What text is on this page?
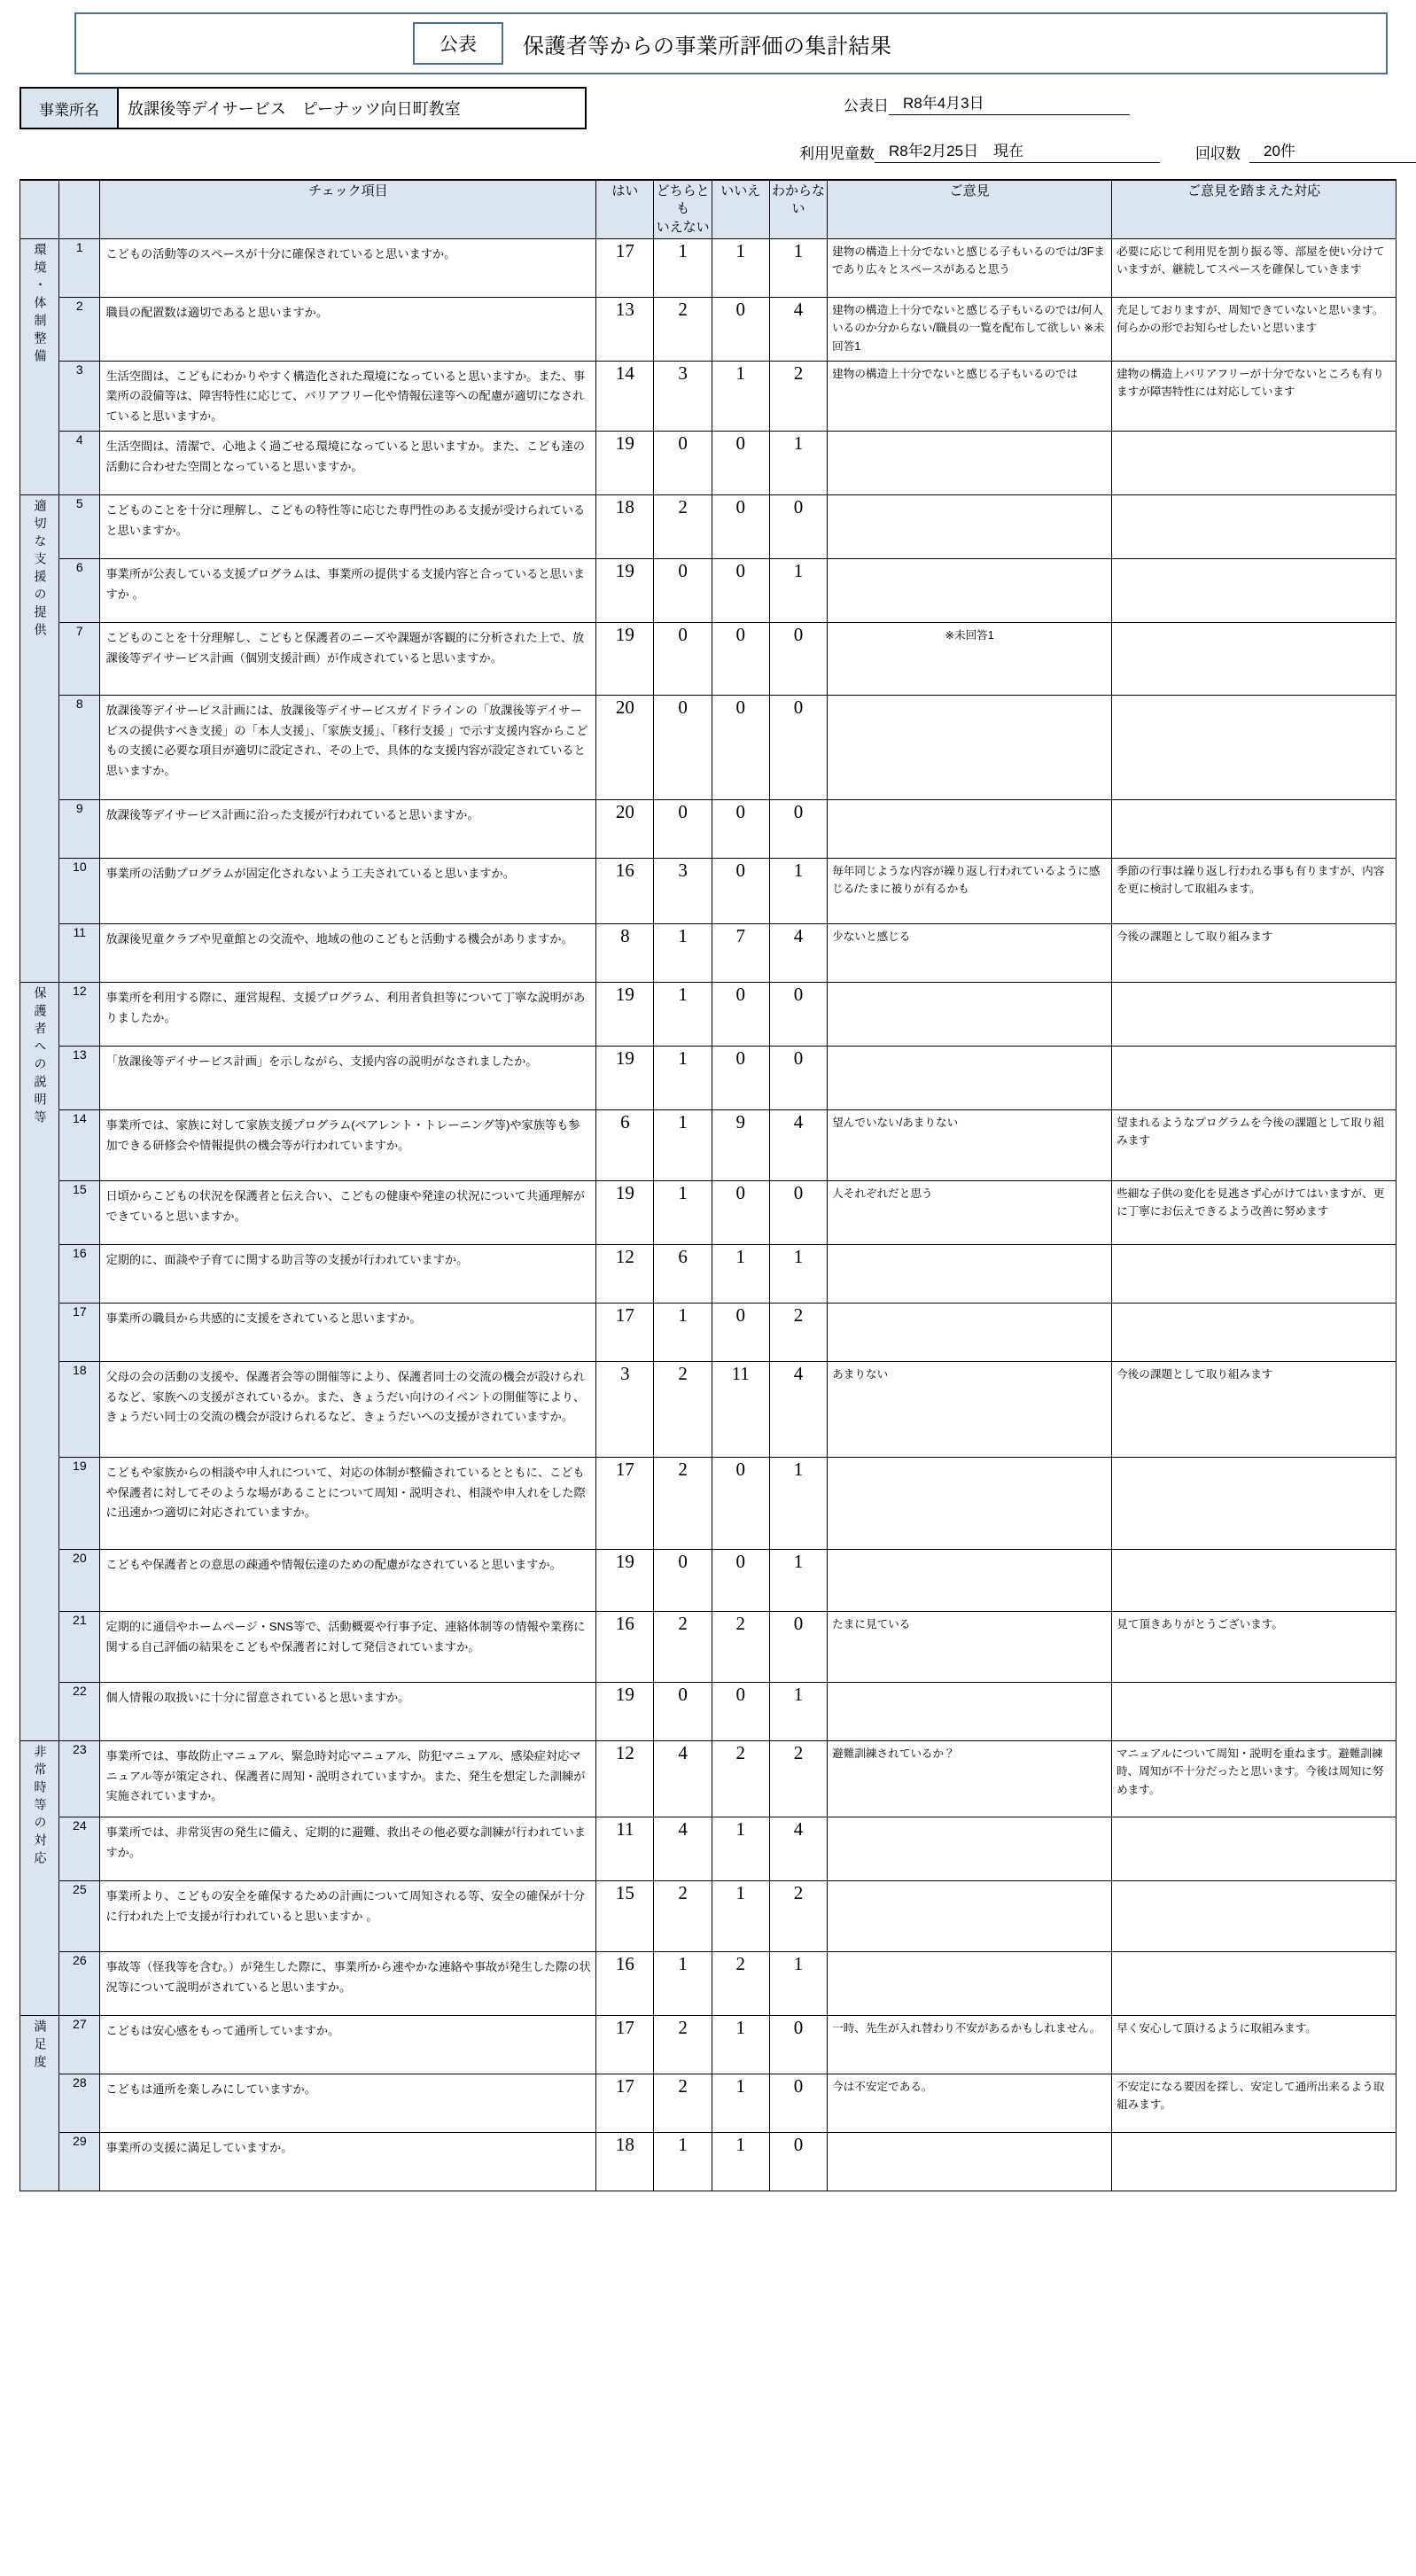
公表	保護者等からの事業所評価の集計結果
事業所名	放課後等デイサービス　ピーナッツ向日町教室	公表日 R8年4月3日
利用児童数 R8年2月25日　現在	回収数	20件
		チェック項目	はい	どちらとも
いえない	いいえ	わからない	ご意見	ご意見を踏まえた対応
環境・体制整備	1	こどもの活動等のスペースが十分に確保されていると思いますか。	17	1	1	1	建物の構造上十分でないと感じる子もいるのでは/3Fまであり広々とスペースがあると思う	必要に応じて利用児を割り振る等、部屋を使い分けていますが、継続してスペースを確保していきます
	2	職員の配置数は適切であると思いますか。	13	2	0	4	建物の構造上十分でないと感じる子もいるのでは/何人いるのか分からない/職員の一覧を配布して欲しい ※未回答1	充足しておりますが、周知できていないと思います。何らかの形でお知らせしたいと思います
	3	生活空間は、こどもにわかりやすく構造化された環境になっていると思いますか。また、事業所の設備等は、障害特性に応じて、バリアフリー化や情報伝達等への配慮が適切になされていると思いますか。	14	3	1	2	建物の構造上十分でないと感じる子もいるのでは	建物の構造上バリアフリーが十分でないところも有りますが障害特性には対応しています
	4	生活空間は、清潔で、心地よく過ごせる環境になっていると思いますか。また、こども達の活動に合わせた空間となっていると思いますか。	19	0	0	1		
適切な支援の提供	5	こどものことを十分に理解し、こどもの特性等に応じた専門性のある支援が受けられていると思いますか。	18	2	0	0		
	6	事業所が公表している支援プログラムは、事業所の提供する支援内容と合っていると思いますか 。	19	0	0	1		
	7	こどものことを十分理解し、こどもと保護者のニーズや課題が客観的に分析された上で、放課後等デイサービス計画（個別支援計画）が作成されていると思いますか。	19	0	0	0	※未回答1	
	8	放課後等デイサービス計画には、放課後等デイサービスガイドラインの「放課後等デイサービスの提供すべき支援」の「本人支援」、「家族支援」、「移行支援 」で示す支援内容からこどもの支援に必要な項目が適切に設定され、その上で、具体的な支援内容が設定されていると思いますか。	20	0	0	0		
	9	放課後等デイサービス計画に沿った支援が行われていると思いますか。	20	0	0	0		
	10	事業所の活動プログラムが固定化されないよう工夫されていると思いますか。	16	3	0	1	毎年同じような内容が繰り返し行われているように感じる/たまに被りが有るかも	季節の行事は繰り返し行われる事も有りますが、内容を更に検討して取組みます。
	11	放課後児童クラブや児童館との交流や、地域の他のこどもと活動する機会がありますか。	8	1	7	4	少ないと感じる	今後の課題として取り組みます
保護者への説明等	12	事業所を利用する際に、運営規程、支援プログラム、利用者負担等について丁寧な説明がありましたか。	19	1	0	0		
	13	「放課後等デイサービス計画」を示しながら、支援内容の説明がなされましたか。	19	1	0	0		
	14	事業所では、家族に対して家族支援プログラム(ペアレント・トレーニング等)や家族等も参加できる研修会や情報提供の機会等が行われていますか。	6	1	9	4	望んでいない/あまりない	望まれるようなプログラムを今後の課題として取り組みます
	15	日頃からこどもの状況を保護者と伝え合い、こどもの健康や発達の状況について共通理解ができていると思いますか。	19	1	0	0	人それぞれだと思う	些細な子供の変化を見逃さず心がけてはいますが、更に丁寧にお伝えできるよう改善に努めます
	16	定期的に、面談や子育てに関する助言等の支援が行われていますか。	12	6	1	1		
	17	事業所の職員から共感的に支援をされていると思いますか。	17	1	0	2		
	18	父母の会の活動の支援や、保護者会等の開催等により、保護者同士の交流の機会が設けられるなど、家族への支援がされているか。また、きょうだい向けのイベントの開催等により、きょうだい同士の交流の機会が設けられるなど、きょうだいへの支援がされていますか。	3	2	11	4	あまりない	今後の課題として取り組みます
	19	こどもや家族からの相談や申入れについて、対応の体制が整備されているとともに、こどもや保護者に対してそのような場があることについて周知・説明され、相談や申入れをした際に迅速かつ適切に対応されていますか。	17	2	0	1		
	20	こどもや保護者との意思の疎通や情報伝達のための配慮がなされていると思いますか。	19	0	0	1		
	21	定期的に通信やホームページ・SNS等で、活動概要や行事予定、連絡体制等の情報や業務に関する自己評価の結果をこどもや保護者に対して発信されていますか。	16	2	2	0	たまに見ている	見て頂きありがとうございます。
	22	個人情報の取扱いに十分に留意されていると思いますか。	19	0	0	1		
非常時等の対応	23	事業所では、事故防止マニュアル、緊急時対応マニュアル、防犯マニュアル、感染症対応マニュアル等が策定され、保護者に周知・説明されていますか。また、発生を想定した訓練が実施されていますか。	12	4	2	2	避難訓練されているか？	マニュアルについて周知・説明を重ねます。避難訓練時、周知が不十分だったと思います。今後は周知に努めます。
	24	事業所では、非常災害の発生に備え、定期的に避難、救出その他必要な訓練が行われていますか。	11	4	1	4		
	25	事業所より、こどもの安全を確保するための計画について周知される等、安全の確保が十分に行われた上で支援が行われていると思いますか 。	15	2	1	2		
	26	事故等（怪我等を含む。）が発生した際に、事業所から速やかな連絡や事故が発生した際の状況等について説明がされていると思いますか。	16	1	2	1		
満足度	27	こどもは安心感をもって通所していますか。	17	2	1	0	一時、先生が入れ替わり不安があるかもしれません。	早く安心して頂けるように取組みます。
	28	こどもは通所を楽しみにしていますか。	17	2	1	0	今は不安定である。	不安定になる要因を探し、安定して通所出来るよう取組みます。
	29	事業所の支援に満足していますか。	18	1	1	0		
